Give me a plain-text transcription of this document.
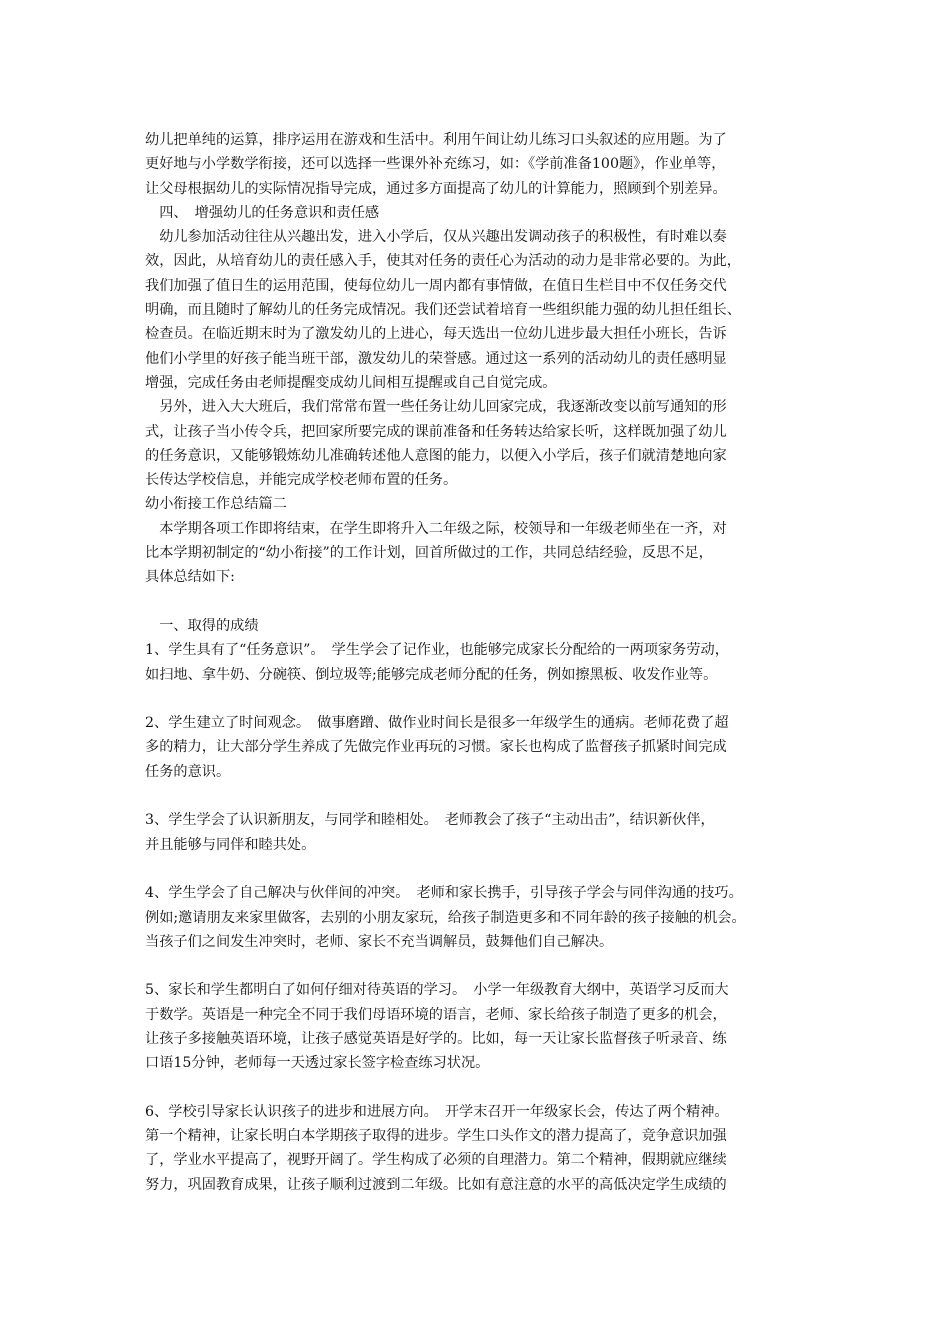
幼儿把单纯的运算，排序运用在游戏和生活中。利用午间让幼儿练习口头叙述的应用题。为了
更好地与小学数学衔接，还可以选择一些课外补充练习，如：《学前准备100题》，作业单等，
让父母根据幼儿的实际情况指导完成，通过多方面提高了幼儿的计算能力，照顾到个别差异。
　四、　增强幼儿的任务意识和责任感
　幼儿参加活动往往从兴趣出发，进入小学后，仅从兴趣出发调动孩子的积极性，有时难以奏
效，因此，从培育幼儿的责任感入手，使其对任务的责任心为活动的动力是非常必要的。为此，
我们加强了值日生的运用范围，使每位幼儿一周内都有事情做，在值日生栏目中不仅任务交代
明确，而且随时了解幼儿的任务完成情况。我们还尝试着培育一些组织能力强的幼儿担任组长、
检查员。在临近期末时为了激发幼儿的上进心，每天选出一位幼儿进步最大担任小班长，告诉
他们小学里的好孩子能当班干部，激发幼儿的荣誉感。通过这一系列的活动幼儿的责任感明显
增强，完成任务由老师提醒变成幼儿间相互提醒或自己自觉完成。
　另外，进入大大班后，我们常常布置一些任务让幼儿回家完成，我逐渐改变以前写通知的形
式，让孩子当小传令兵，把回家所要完成的课前准备和任务转达给家长听，这样既加强了幼儿
的任务意识，又能够锻炼幼儿准确转述他人意图的能力，以便入小学后，孩子们就清楚地向家
长传达学校信息，并能完成学校老师布置的任务。
幼小衔接工作总结篇二
　本学期各项工作即将结束，在学生即将升入二年级之际，校领导和一年级老师坐在一齐，对
比本学期初制定的“幼小衔接”的工作计划，回首所做过的工作，共同总结经验，反思不足，
具体总结如下:
　一、取得的成绩
1、学生具有了“任务意识”。　学生学会了记作业，也能够完成家长分配给的一两项家务劳动，
如扫地、拿牛奶、分碗筷、倒垃圾等;能够完成老师分配的任务，例如擦黑板、收发作业等。
2、学生建立了时间观念。　做事磨蹭、做作业时间长是很多一年级学生的通病。老师花费了超
多的精力，让大部分学生养成了先做完作业再玩的习惯。家长也构成了监督孩子抓紧时间完成
任务的意识。
3、学生学会了认识新朋友，与同学和睦相处。　老师教会了孩子“主动出击”，结识新伙伴，
并且能够与同伴和睦共处。
4、学生学会了自己解决与伙伴间的冲突。　老师和家长携手，引导孩子学会与同伴沟通的技巧。
例如;邀请朋友来家里做客，去别的小朋友家玩，给孩子制造更多和不同年龄的孩子接触的机会。
当孩子们之间发生冲突时，老师、家长不充当调解员，鼓舞他们自己解决。
5、家长和学生都明白了如何仔细对待英语的学习。　小学一年级教育大纲中，英语学习反而大
于数学。英语是一种完全不同于我们母语环境的语言，老师、家长给孩子制造了更多的机会，
让孩子多接触英语环境，让孩子感觉英语是好学的。比如，每一天让家长监督孩子听录音、练
口语15分钟，老师每一天透过家长签字检查练习状况。
6、学校引导家长认识孩子的进步和进展方向。　开学末召开一年级家长会，传达了两个精神。
第一个精神，让家长明白本学期孩子取得的进步。学生口头作文的潜力提高了，竞争意识加强
了，学业水平提高了，视野开阔了。学生构成了必须的自理潜力。第二个精神，假期就应继续
努力，巩固教育成果，让孩子顺利过渡到二年级。比如有意注意的水平的高低决定学生成绩的
